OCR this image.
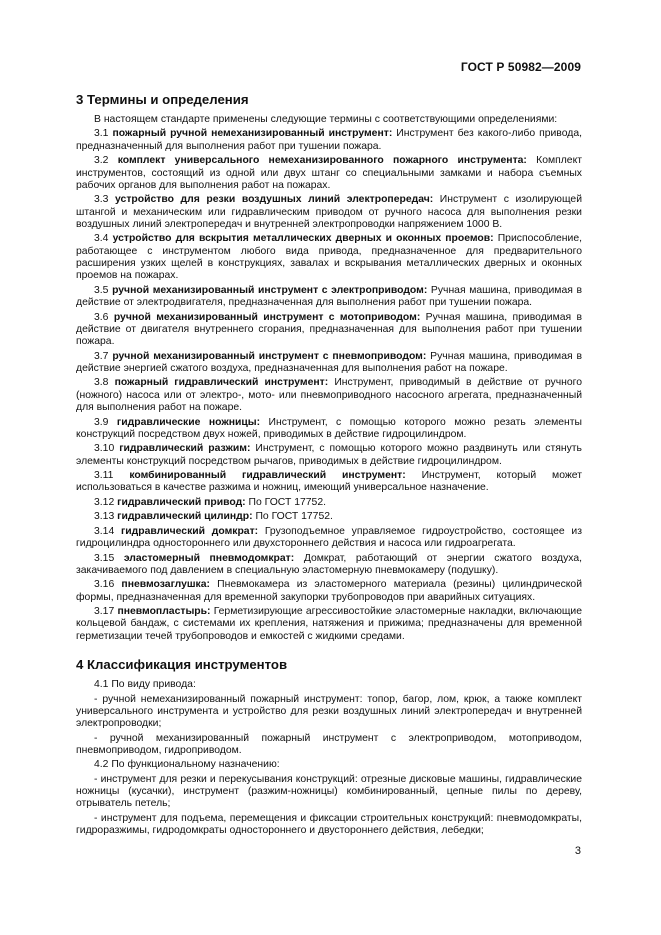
ГОСТ Р 50982—2009
3 Термины и определения

В настоящем стандарте применены следующие термины с соответствующими определениями:

3.1 пожарный ручной немеханизированный инструмент: Инструмент без какого-либо привода, предназначенный для выполнения работ при тушении пожара.

3.2 комплект универсального немеханизированного пожарного инструмента: Комплект инструментов, состоящий из одной или двух штанг со специальными замками и набора съемных рабочих органов для выполнения работ на пожарах.

3.3 устройство для резки воздушных линий электропередач: Инструмент с изолирующей штангой и механическим или гидравлическим приводом от ручного насоса для выполнения резки воздушных линий электропередач и внутренней электропроводки напряжением 1000 В.

3.4 устройство для вскрытия металлических дверных и оконных проемов: Приспособление, работающее с инструментом любого вида привода, предназначенное для предварительного расширения узких щелей в конструкциях, завалах и вскрывания металлических дверных и оконных проемов на пожарах.

3.5 ручной механизированный инструмент с электроприводом: Ручная машина, приводимая в действие от электродвигателя, предназначенная для выполнения работ при тушении пожара.

3.6 ручной механизированный инструмент с мотоприводом: Ручная машина, приводимая в действие от двигателя внутреннего сгорания, предназначенная для выполнения работ при тушении пожара.

3.7 ручной механизированный инструмент с пневмоприводом: Ручная машина, приводимая в действие энергией сжатого воздуха, предназначенная для выполнения работ на пожаре.

3.8 пожарный гидравлический инструмент: Инструмент, приводимый в действие от ручного (ножного) насоса или от электро-, мото- или пневмоприводного насосного агрегата, предназначенный для выполнения работ на пожаре.

3.9 гидравлические ножницы: Инструмент, с помощью которого можно резать элементы конструкций посредством двух ножей, приводимых в действие гидроцилиндром.

3.10 гидравлический разжим: Инструмент, с помощью которого можно раздвинуть или стянуть элементы конструкций посредством рычагов, приводимых в действие гидроцилиндром.

3.11 комбинированный гидравлический инструмент: Инструмент, который может использоваться в качестве разжима и ножниц, имеющий универсальное назначение.

3.12 гидравлический привод: По ГОСТ 17752.

3.13 гидравлический цилиндр: По ГОСТ 17752.

3.14 гидравлический домкрат: Грузоподъемное управляемое гидроустройство, состоящее из гидроцилиндра одностороннего или двухстороннего действия и насоса или гидроагрегата.

3.15 эластомерный пневмодомкрат: Домкрат, работающий от энергии сжатого воздуха, закачиваемого под давлением в специальную эластомерную пневмокамеру (подушку).

3.16 пневмозаглушка: Пневмокамера из эластомерного материала (резины) цилиндрической формы, предназначенная для временной закупорки трубопроводов при аварийных ситуациях.

3.17 пневмопластырь: Герметизирующие агрессивостойкие эластомерные накладки, включающие кольцевой бандаж, с системами их крепления, натяжения и прижима; предназначены для временной герметизации течей трубопроводов и емкостей с жидкими средами.

4 Классификация инструментов

4.1 По виду привода:

- ручной немеханизированный пожарный инструмент: топор, багор, лом, крюк, а также комплект универсального инструмента и устройство для резки воздушных линий электропередач и внутренней электропроводки;

- ручной механизированный пожарный инструмент с электроприводом, мотоприводом, пневмоприводом, гидроприводом.

4.2 По функциональному назначению:

- инструмент для резки и перекусывания конструкций: отрезные дисковые машины, гидравлические ножницы (кусачки), инструмент (разжим-ножницы) комбинированный, цепные пилы по дереву, отрыватель петель;

- инструмент для подъема, перемещения и фиксации строительных конструкций: пневмодомкраты, гидроразжимы, гидродомкраты одностороннего и двустороннего действия, лебедки;

3
